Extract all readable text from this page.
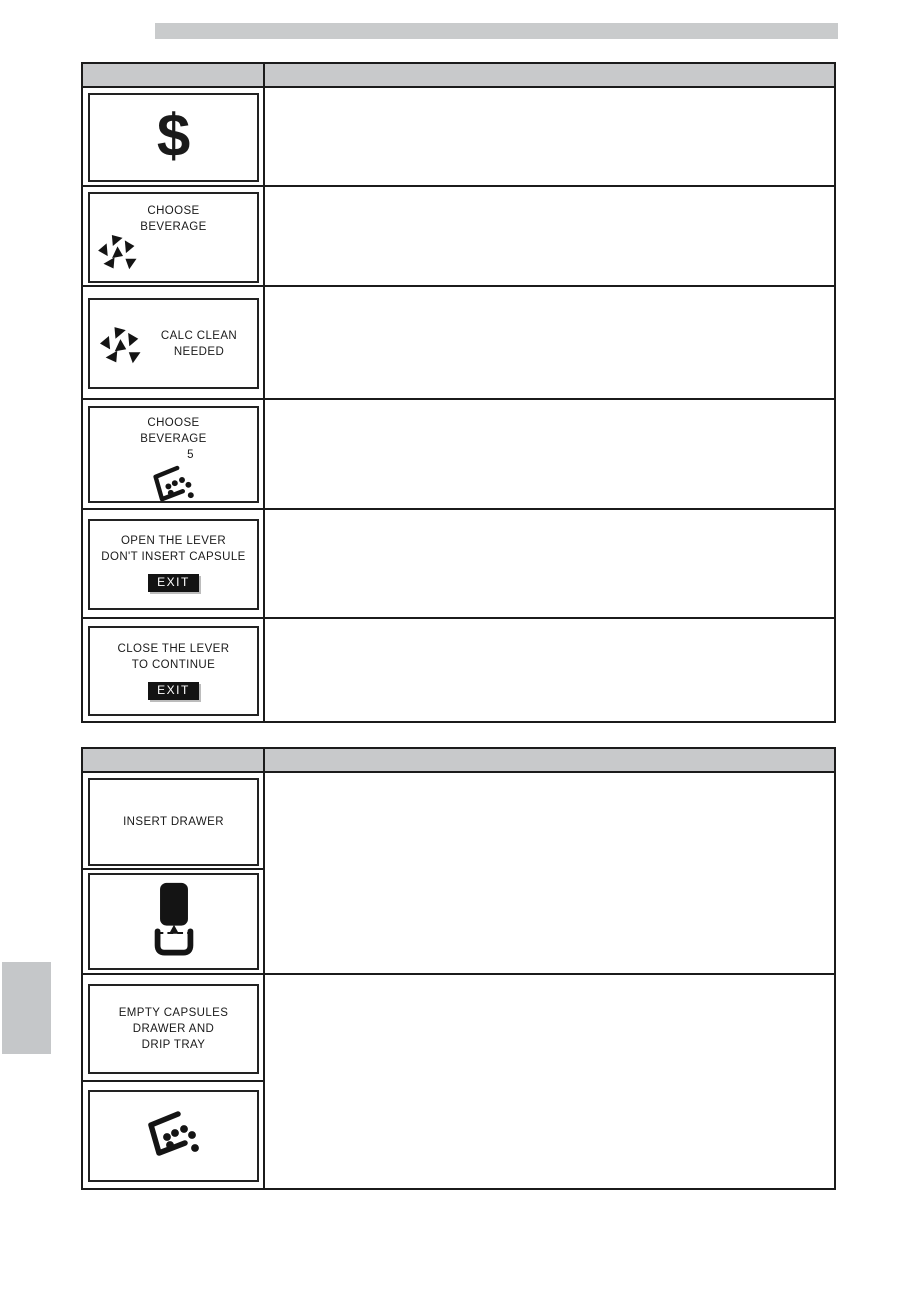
$
CHOOSE
BEVERAGE
CALC CLEAN
NEEDED
CHOOSE
BEVERAGE
5
OPEN THE LEVER
DON'T INSERT CAPSULE
EXIT
CLOSE THE LEVER
TO CONTINUE
EXIT
INSERT DRAWER
EMPTY CAPSULES
DRAWER AND
DRIP TRAY
